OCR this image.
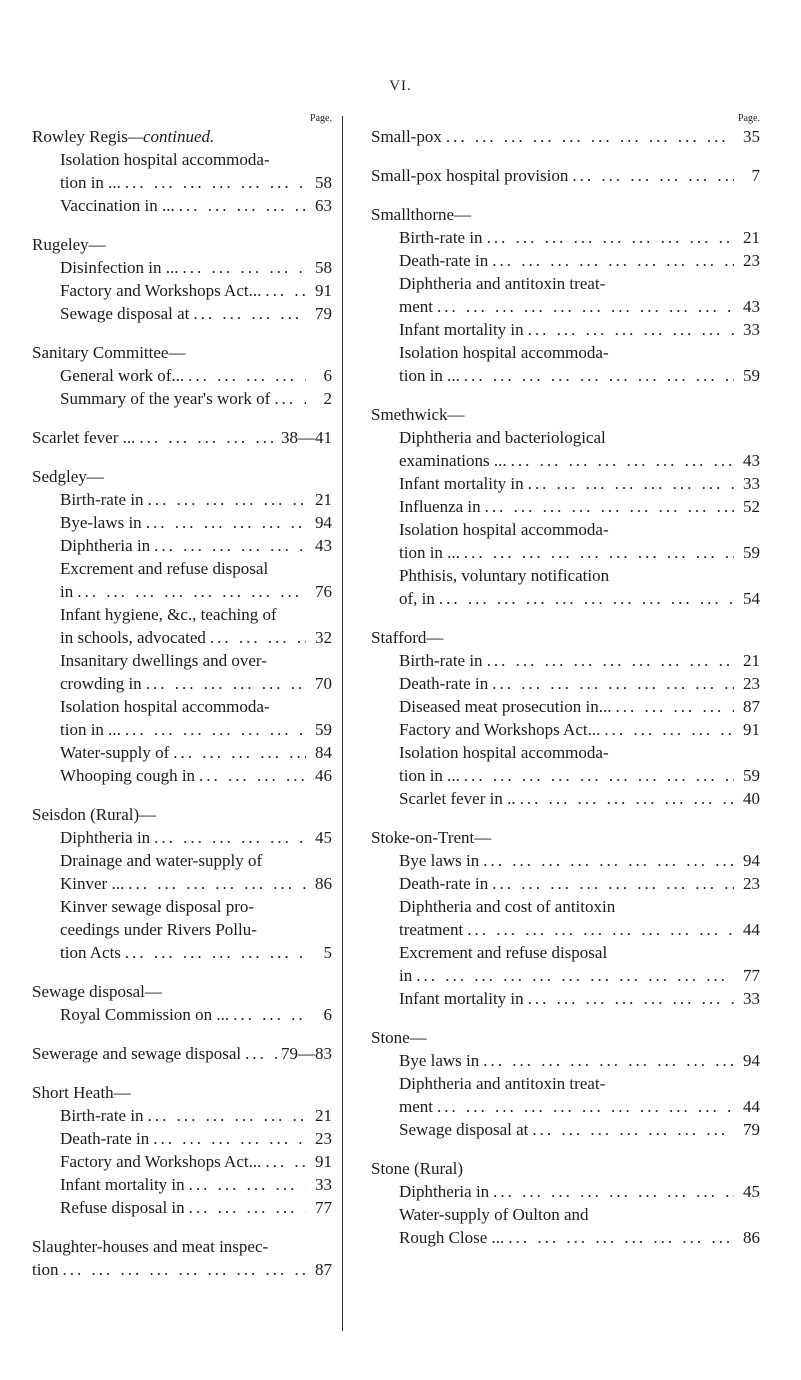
VI.
Page.
Rowley Regis—continued.
Isolation hospital accommoda-
tion in ... ... .	58
Vaccination in ... ... .	63
Rugeley—
Disinfection in ... ... .	58
Factory and Workshops Act... ... .	91
Sewage disposal at ... .	79
Sanitary Committee—
General work of... ... .	6
Summary of the year's work of ... .	2
Scarlet fever ... ... .	38—41
Sedgley—
Birth-rate in ... .	21
Bye-laws in ... .	94
Diphtheria in ... .	43
Excrement and refuse disposal
in ... .	76
Infant hygiene, &c., teaching of
in schools, advocated ... .	32
Insanitary dwellings and over-
crowding in ... .	70
Isolation hospital accommoda-
tion in ... ... .	59
Water-supply of ... .	84
Whooping cough in ... .	46
Seisdon (Rural)—
Diphtheria in ... .	45
Drainage and water-supply of
Kinver ... ... .	86
Kinver sewage disposal pro-
ceedings under Rivers Pollu-
tion Acts ... .	5
Sewage disposal—
Royal Commission on ... ... .	6
Sewerage and sewage disposal ... . 79—83
Short Heath—
Birth-rate in ... .	21
Death-rate in ... .	23
Factory and Workshops Act... ... .	91
Infant mortality in ... .	33
Refuse disposal in ... .	77
Slaughter-houses and meat inspec-
tion ... .	87
Page.
Small-pox ... .	35
Small-pox hospital provision ... .	7
Smallthorne—
Birth-rate in ... .	21
Death-rate in ... .	23
Diphtheria and antitoxin treat-
ment ... .	43
Infant mortality in ... .	33
Isolation hospital accommoda-
tion in ... ... .	59
Smethwick—
Diphtheria and bacteriological
examinations ... ... .	43
Infant mortality in ... .	33
Influenza in ... .	52
Isolation hospital accommoda-
tion in ... ... .	59
Phthisis, voluntary notification
of, in ... .	54
Stafford—
Birth-rate in ... .	21
Death-rate in ... .	23
Diseased meat prosecution in... ... .	87
Factory and Workshops Act... ... .	91
Isolation hospital accommoda-
tion in ... ... .	59
Scarlet fever in .. ... .	40
Stoke-on-Trent—
Bye laws in ... .	94
Death-rate in ... .	23
Diphtheria and cost of antitoxin
treatment ... .	44
Excrement and refuse disposal
in ... .	77
Infant mortality in ... .	33
Stone—
Bye laws in ... .	94
Diphtheria and antitoxin treat-
ment ... .	44
Sewage disposal at ... .	79
Stone (Rural)
Diphtheria in ... .	45
Water-supply of Oulton and
Rough Close ... ... .	86
